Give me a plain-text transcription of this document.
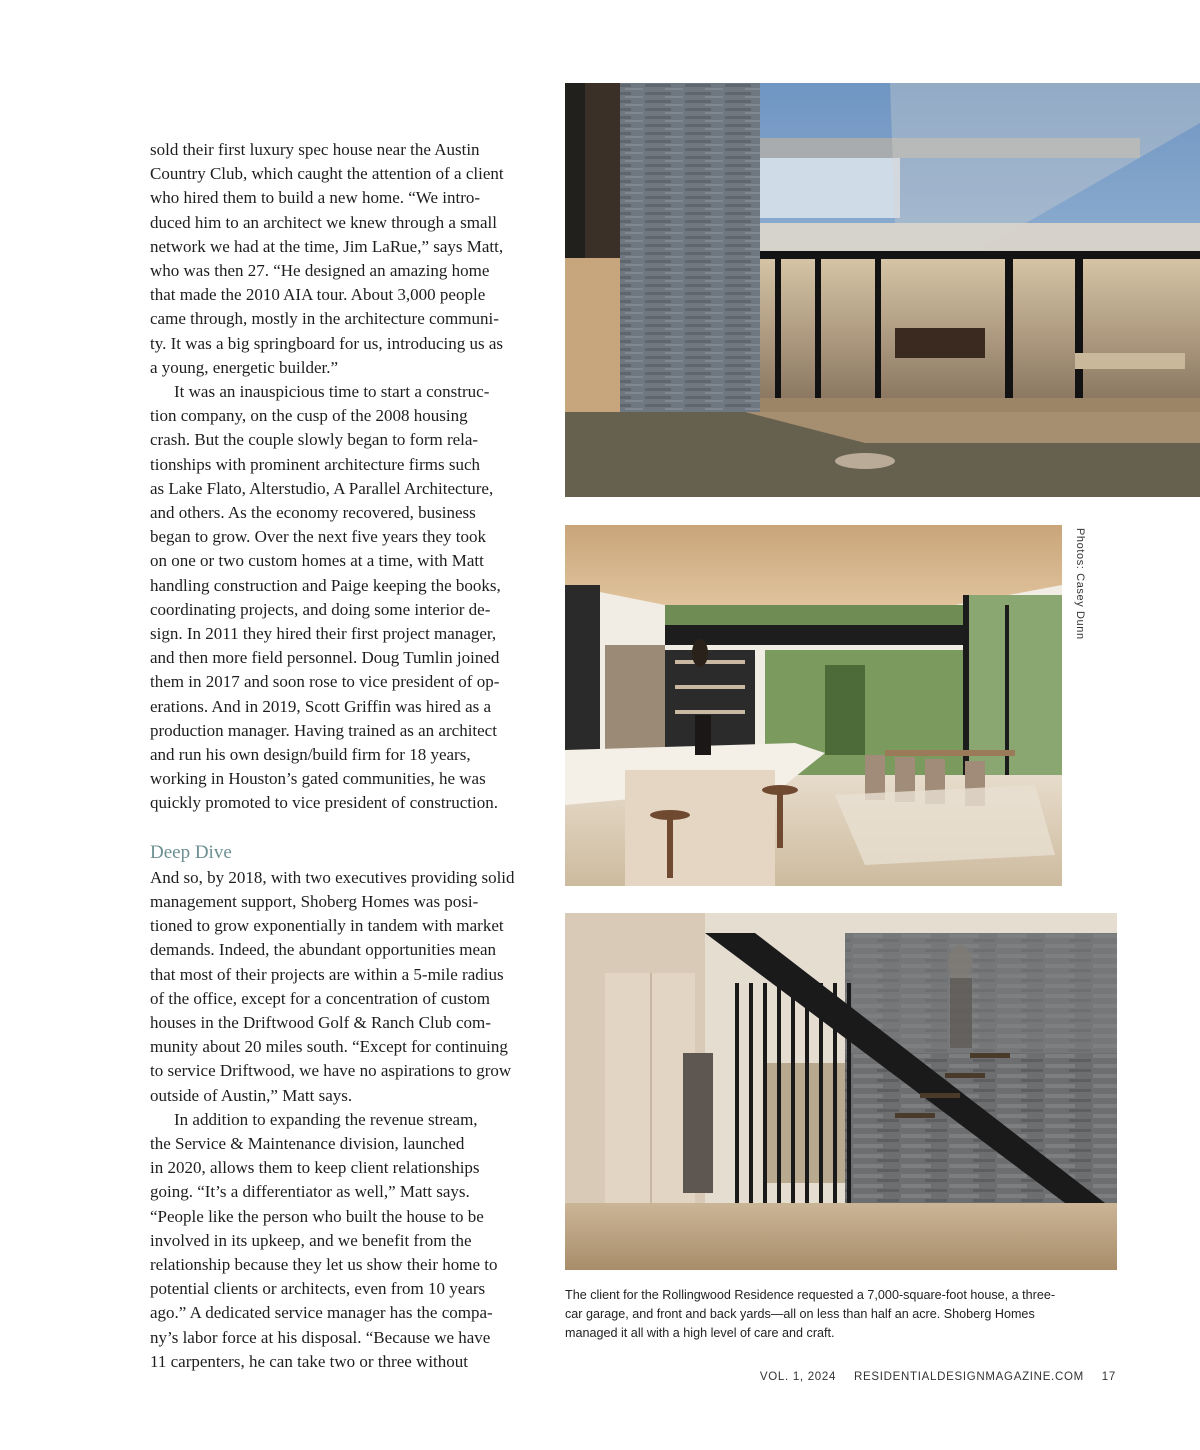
sold their first luxury spec house near the Austin
Country Club, which caught the attention of a client
who hired them to build a new home. “We intro-
duced him to an architect we knew through a small
network we had at the time, Jim LaRue,” says Matt,
who was then 27. “He designed an amazing home
that made the 2010 AIA tour. About 3,000 people
came through, mostly in the architecture communi-
ty. It was a big springboard for us, introducing us as
a young, energetic builder.”

It was an inauspicious time to start a construc-
tion company, on the cusp of the 2008 housing
crash. But the couple slowly began to form rela-
tionships with prominent architecture firms such
as Lake Flato, Alterstudio, A Parallel Architecture,
and others. As the economy recovered, business
began to grow. Over the next five years they took
on one or two custom homes at a time, with Matt
handling construction and Paige keeping the books,
coordinating projects, and doing some interior de-
sign. In 2011 they hired their first project manager,
and then more field personnel. Doug Tumlin joined
them in 2017 and soon rose to vice president of op-
erations. And in 2019, Scott Griffin was hired as a
production manager. Having trained as an architect
and run his own design/build firm for 18 years,
working in Houston’s gated communities, he was
quickly promoted to vice president of construction.

Deep Dive

And so, by 2018, with two executives providing solid
management support, Shoberg Homes was posi-
tioned to grow exponentially in tandem with market
demands. Indeed, the abundant opportunities mean
that most of their projects are within a 5-mile radius
of the office, except for a concentration of custom
houses in the Driftwood Golf & Ranch Club com-
munity about 20 miles south. “Except for continuing
to service Driftwood, we have no aspirations to grow
outside of Austin,” Matt says.

In addition to expanding the revenue stream,
the Service & Maintenance division, launched
in 2020, allows them to keep client relationships
going. “It’s a differentiator as well,” Matt says.
“People like the person who built the house to be
involved in its upkeep, and we benefit from the
relationship because they let us show their home to
potential clients or architects, even from 10 years
ago.” A dedicated service manager has the compa-
ny’s labor force at his disposal. “Because we have
11 carpenters, he can take two or three without

Photos: Casey Dunn
The client for the Rollingwood Residence requested a 7,000-square-foot house, a three-
car garage, and front and back yards—all on less than half an acre. Shoberg Homes
managed it all with a high level of care and craft.
VOL. 1, 2024 RESIDENTIALDESIGNMAGAZINE.COM 17
